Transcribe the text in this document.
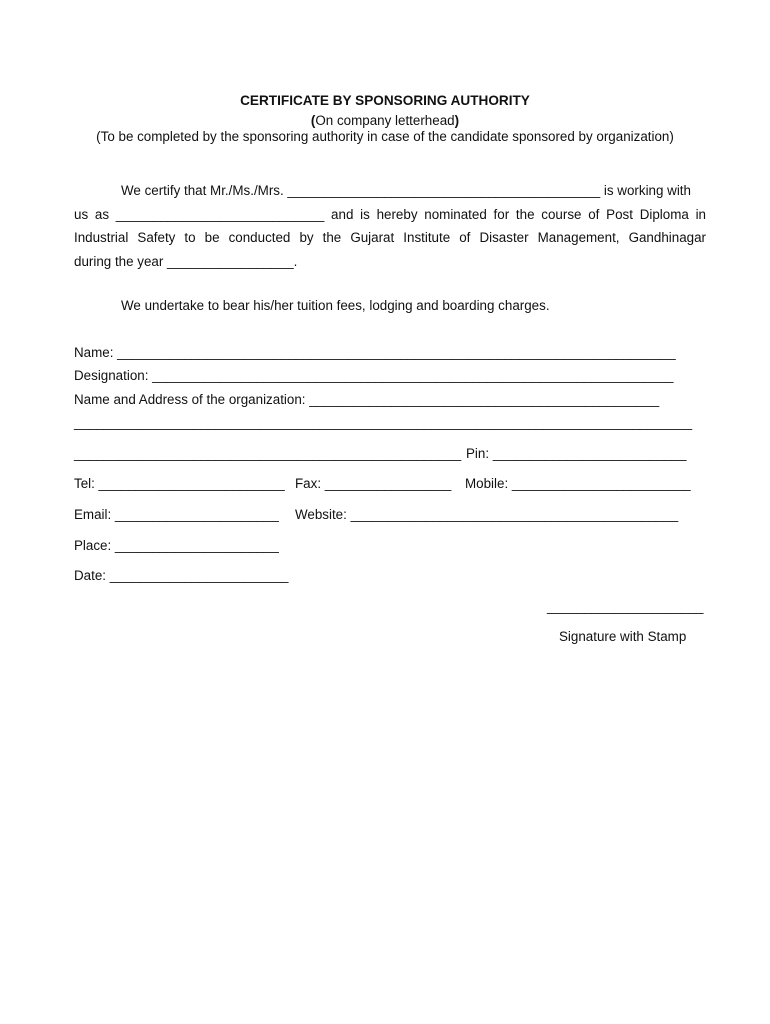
CERTIFICATE BY SPONSORING AUTHORITY
(On company letterhead)
(To be completed by the sponsoring authority in case of the candidate sponsored by organization)
We certify that Mr./Ms./Mrs. __________________________________________ is working with
us as ____________________________ and is hereby nominated for the course of Post Diploma in
Industrial Safety to be conducted by the Gujarat Institute of Disaster Management, Gandhinagar
during the year _________________.
We undertake to bear his/her tuition fees, lodging and boarding charges.
Name: ___________________________________________________________________________
Designation: ______________________________________________________________________
Name and Address of the organization: _______________________________________________
___________________________________________________________________________________
____________________________________________________ Pin: __________________________
Tel: _________________________ Fax: _________________ Mobile: ________________________
Email: ______________________ Website: ____________________________________________
Place: ______________________
Date: ________________________
_____________________
Signature with Stamp
